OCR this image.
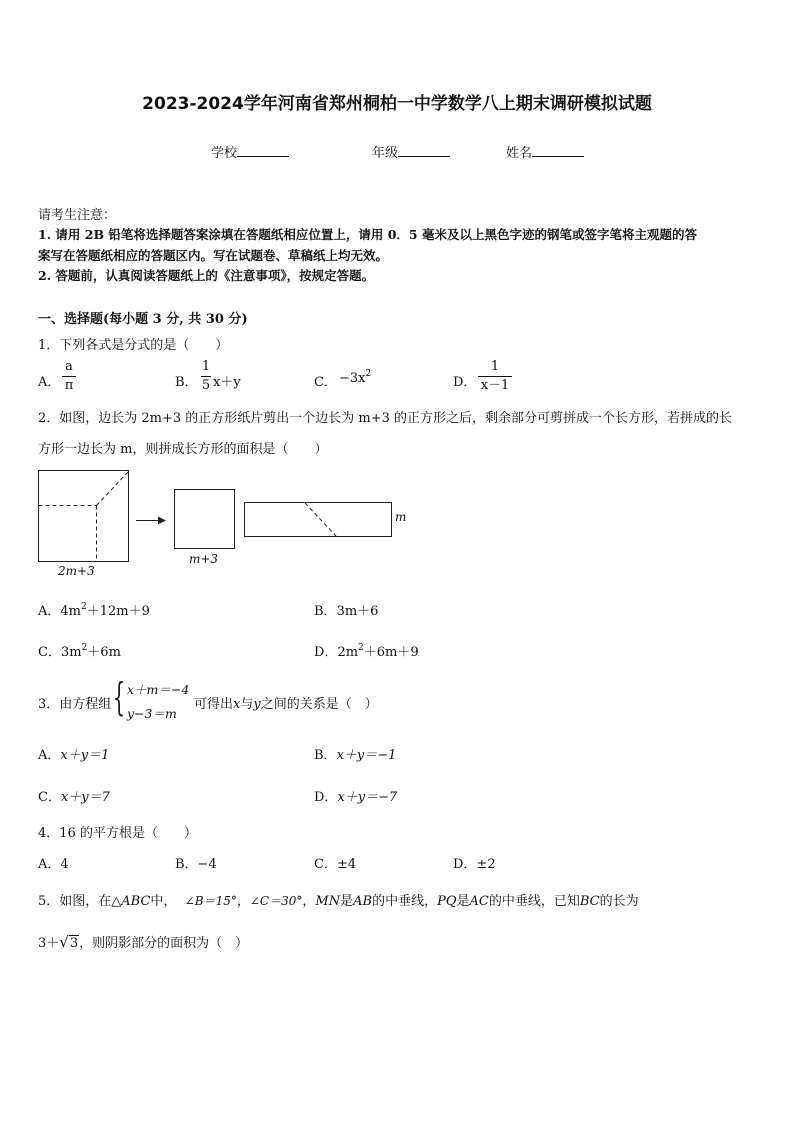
2023-2024学年河南省郑州桐柏一中学数学八上期末调研模拟试题
学校	年级	姓名
请考生注意：
1. 请用 2B 铅笔将选择题答案涂填在答题纸相应位置上，请用 0．5 毫米及以上黑色字迹的钢笔或签字笔将主观题的答
案写在答题纸相应的答题区内。写在试题卷、草稿纸上均无效。
2. 答题前，认真阅读答题纸上的《注意事项》，按规定答题。
一、选择题(每小题 3 分, 共 30 分)
1．下列各式是分式的是（　　）
A．
a
π	B．
1
5 x＋y	C． $-3x^2$
D．
1
x－1
2．如图，边长为 2m+3 的正方形纸片剪出一个边长为 m+3 的正方形之后，剩余部分可剪拼成一个长方形，若拼成的长
方形一边长为 m，则拼成长方形的面积是（　　）
2m+3
m+3
m
A．$4m^2+12m+9$	B．3m＋6
C．$3m^2+6m$	D．$2m^2+6m+9$
3．由方程组 { x＋m＝−4
y−3＝m
可得出x与y之间的关系是（　）
A．x＋y＝1	B．x＋y＝−1
C．x＋y＝7	D．x＋y＝−7
4．16 的平方根是（　　）
A．4	B．−4	C．±4	D．±2
5．如图，在△ABC中， ∠B＝15°，∠C＝30°，MN是AB的中垂线，PQ是AC的中垂线，已知BC的长为
3＋√3，则阴影部分的面积为（　）
